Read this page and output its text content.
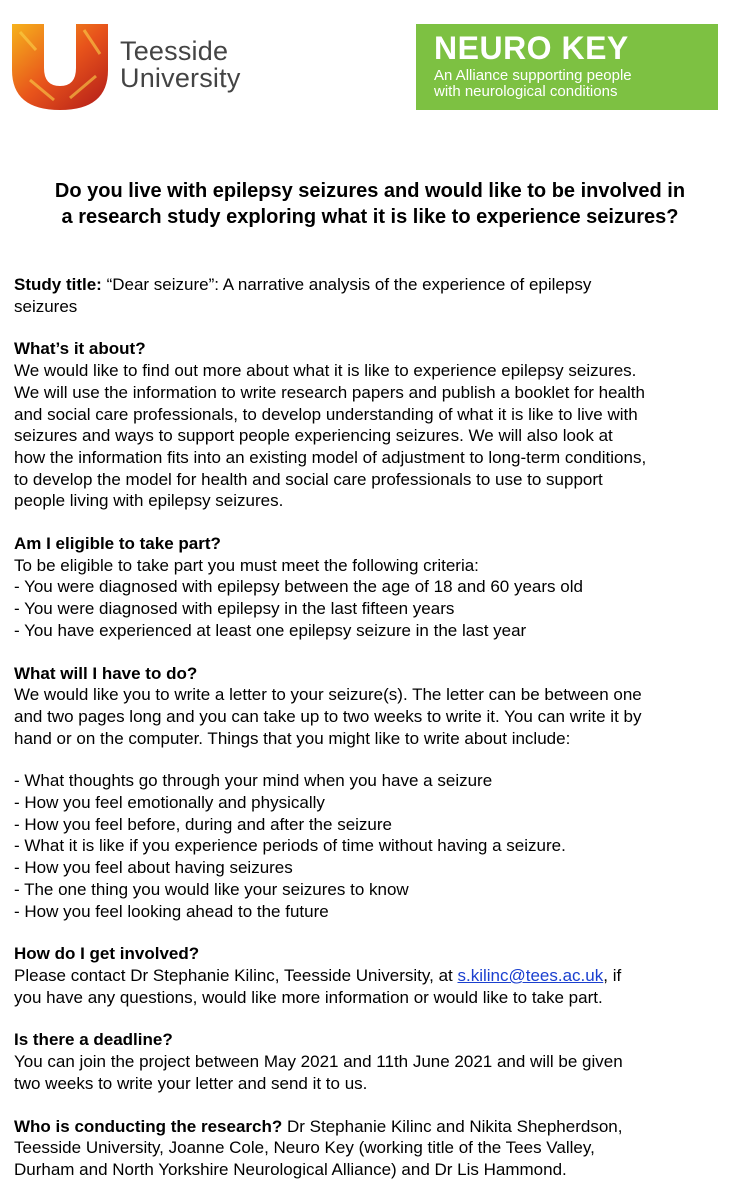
Teesside
University
NEURO KEY
An Alliance supporting people
with neurological conditions
Do you live with epilepsy seizures and would like to be involved in
a research study exploring what it is like to experience seizures?
Study title: “Dear seizure”: A narrative analysis of the experience of epilepsy
seizures
What’s it about?
We would like to find out more about what it is like to experience epilepsy seizures.
We will use the information to write research papers and publish a booklet for health
and social care professionals, to develop understanding of what it is like to live with
seizures and ways to support people experiencing seizures. We will also look at
how the information fits into an existing model of adjustment to long-term conditions,
to develop the model for health and social care professionals to use to support
people living with epilepsy seizures.
Am I eligible to take part?
To be eligible to take part you must meet the following criteria:
- You were diagnosed with epilepsy between the age of 18 and 60 years old
- You were diagnosed with epilepsy in the last fifteen years
- You have experienced at least one epilepsy seizure in the last year
What will I have to do?
We would like you to write a letter to your seizure(s). The letter can be between one
and two pages long and you can take up to two weeks to write it. You can write it by
hand or on the computer. Things that you might like to write about include:
- What thoughts go through your mind when you have a seizure
- How you feel emotionally and physically
- How you feel before, during and after the seizure
- What it is like if you experience periods of time without having a seizure.
- How you feel about having seizures
- The one thing you would like your seizures to know
- How you feel looking ahead to the future
How do I get involved?
Please contact Dr Stephanie Kilinc, Teesside University, at s.kilinc@tees.ac.uk, if
you have any questions, would like more information or would like to take part.
Is there a deadline?
You can join the project between May 2021 and 11th June 2021 and will be given
two weeks to write your letter and send it to us.
Who is conducting the research? Dr Stephanie Kilinc and Nikita Shepherdson,
Teesside University, Joanne Cole, Neuro Key (working title of the Tees Valley,
Durham and North Yorkshire Neurological Alliance) and Dr Lis Hammond.
